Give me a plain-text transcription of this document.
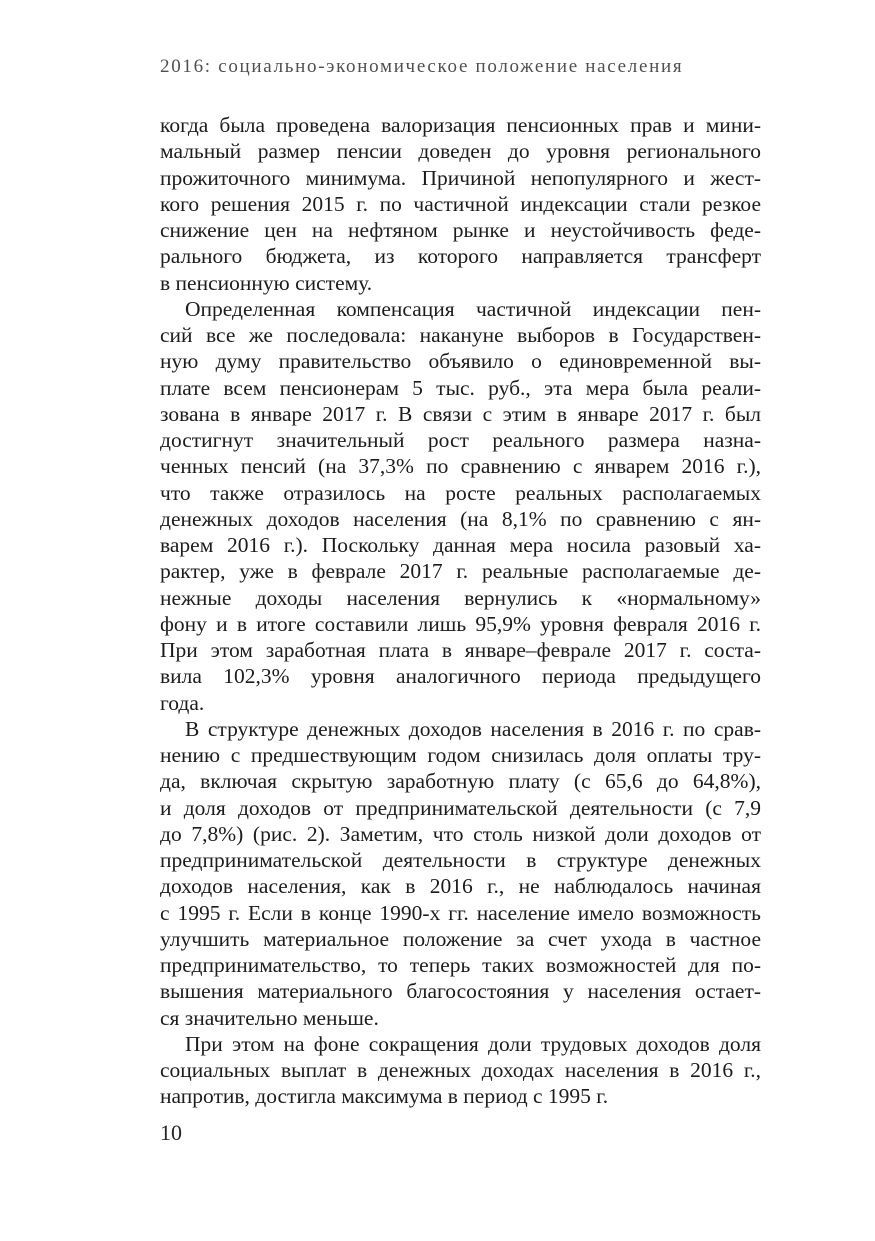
2016: социально-экономическое положение населения
когда была проведена валоризация пенсионных прав и мини-
мальный размер пенсии доведен до уровня регионального
прожиточного минимума. Причиной непопулярного и жест-
кого решения 2015 г. по частичной индексации стали резкое
снижение цен на нефтяном рынке и неустойчивость феде-
рального бюджета, из которого направляется трансферт
в пенсионную систему.
Определенная компенсация частичной индексации пен-
сий все же последовала: накануне выборов в Государствен-
ную думу правительство объявило о единовременной вы-
плате всем пенсионерам 5 тыс. руб., эта мера была реали-
зована в январе 2017 г. В связи с этим в январе 2017 г. был
достигнут значительный рост реального размера назна-
ченных пенсий (на 37,3% по сравнению с январем 2016 г.),
что также отразилось на росте реальных располагаемых
денежных доходов населения (на 8,1% по сравнению с ян-
варем 2016 г.). Поскольку данная мера носила разовый ха-
рактер, уже в феврале 2017 г. реальные располагаемые де-
нежные доходы населения вернулись к «нормальному»
фону и в итоге составили лишь 95,9% уровня февраля 2016 г.
При этом заработная плата в январе–феврале 2017 г. соста-
вила 102,3% уровня аналогичного периода предыдущего
года.
В структуре денежных доходов населения в 2016 г. по срав-
нению с предшествующим годом снизилась доля оплаты тру-
да, включая скрытую заработную плату (с 65,6 до 64,8%),
и доля доходов от предпринимательской деятельности (с 7,9
до 7,8%) (рис. 2). Заметим, что столь низкой доли доходов от
предпринимательской деятельности в структуре денежных
доходов населения, как в 2016 г., не наблюдалось начиная
с 1995 г. Если в конце 1990-х гг. население имело возможность
улучшить материальное положение за счет ухода в частное
предпринимательство, то теперь таких возможностей для по-
вышения материального благосостояния у населения остает-
ся значительно меньше.
При этом на фоне сокращения доли трудовых доходов доля
социальных выплат в денежных доходах населения в 2016 г.,
напротив, достигла максимума в период с 1995 г.
10
